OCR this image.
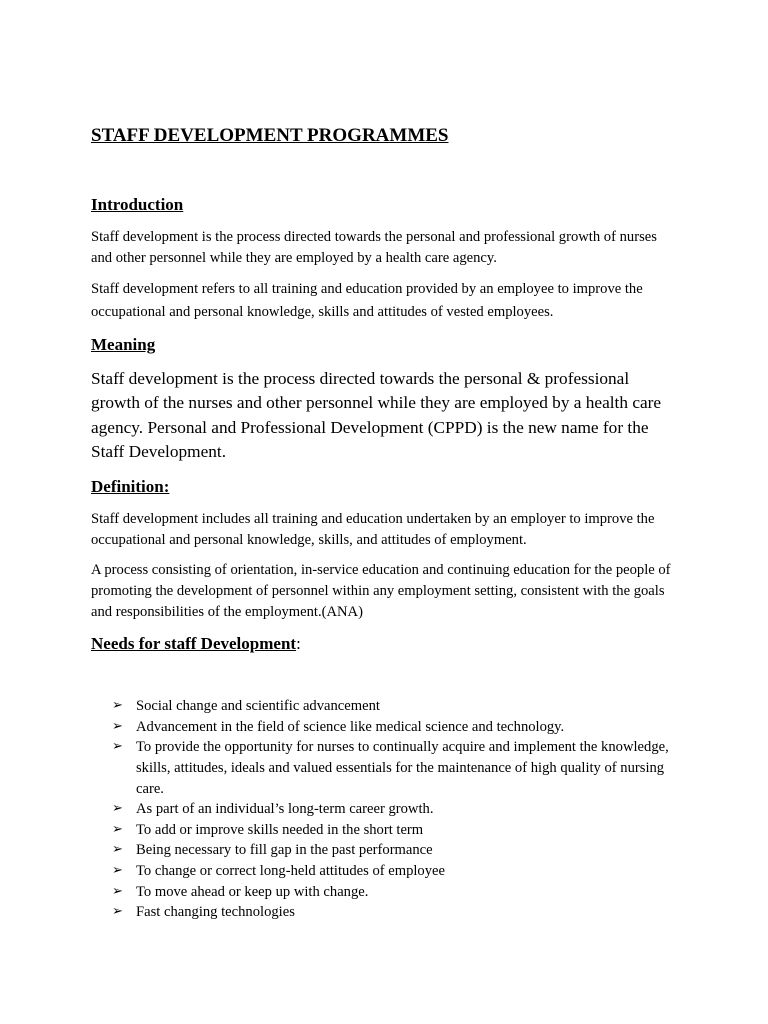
STAFF DEVELOPMENT PROGRAMMES
Introduction

Staff development is the process directed towards the personal and professional growth of nurses and other personnel while they are employed by a health care agency.

Staff development refers to all training and education provided by an employee to improve the occupational and personal knowledge, skills and attitudes of vested employees.

Meaning

Staff development is the process directed towards the personal & professional growth of the nurses and other personnel while they are employed by a health care agency. Personal and Professional Development (CPPD) is the new name for the Staff Development.

Definition:

Staff development includes all training and education undertaken by an employer to improve the occupational and personal knowledge, skills, and attitudes of employment.

A process consisting of orientation, in-service education and continuing education for the people of promoting the development of personnel within any employment setting, consistent with the goals and responsibilities of the employment.(ANA)

Needs for staff Development:
➢ Social change and scientific advancement
➢ Advancement in the field of science like medical science and technology.
➢ To provide the opportunity for nurses to continually acquire and implement the knowledge, skills, attitudes, ideals and valued essentials for the maintenance of high quality of nursing care.
➢ As part of an individual’s long-term career growth.
➢ To add or improve skills needed in the short term
➢ Being necessary to fill gap in the past performance
➢ To change or correct long-held attitudes of employee
➢ To move ahead or keep up with change.
➢ Fast changing technologies
